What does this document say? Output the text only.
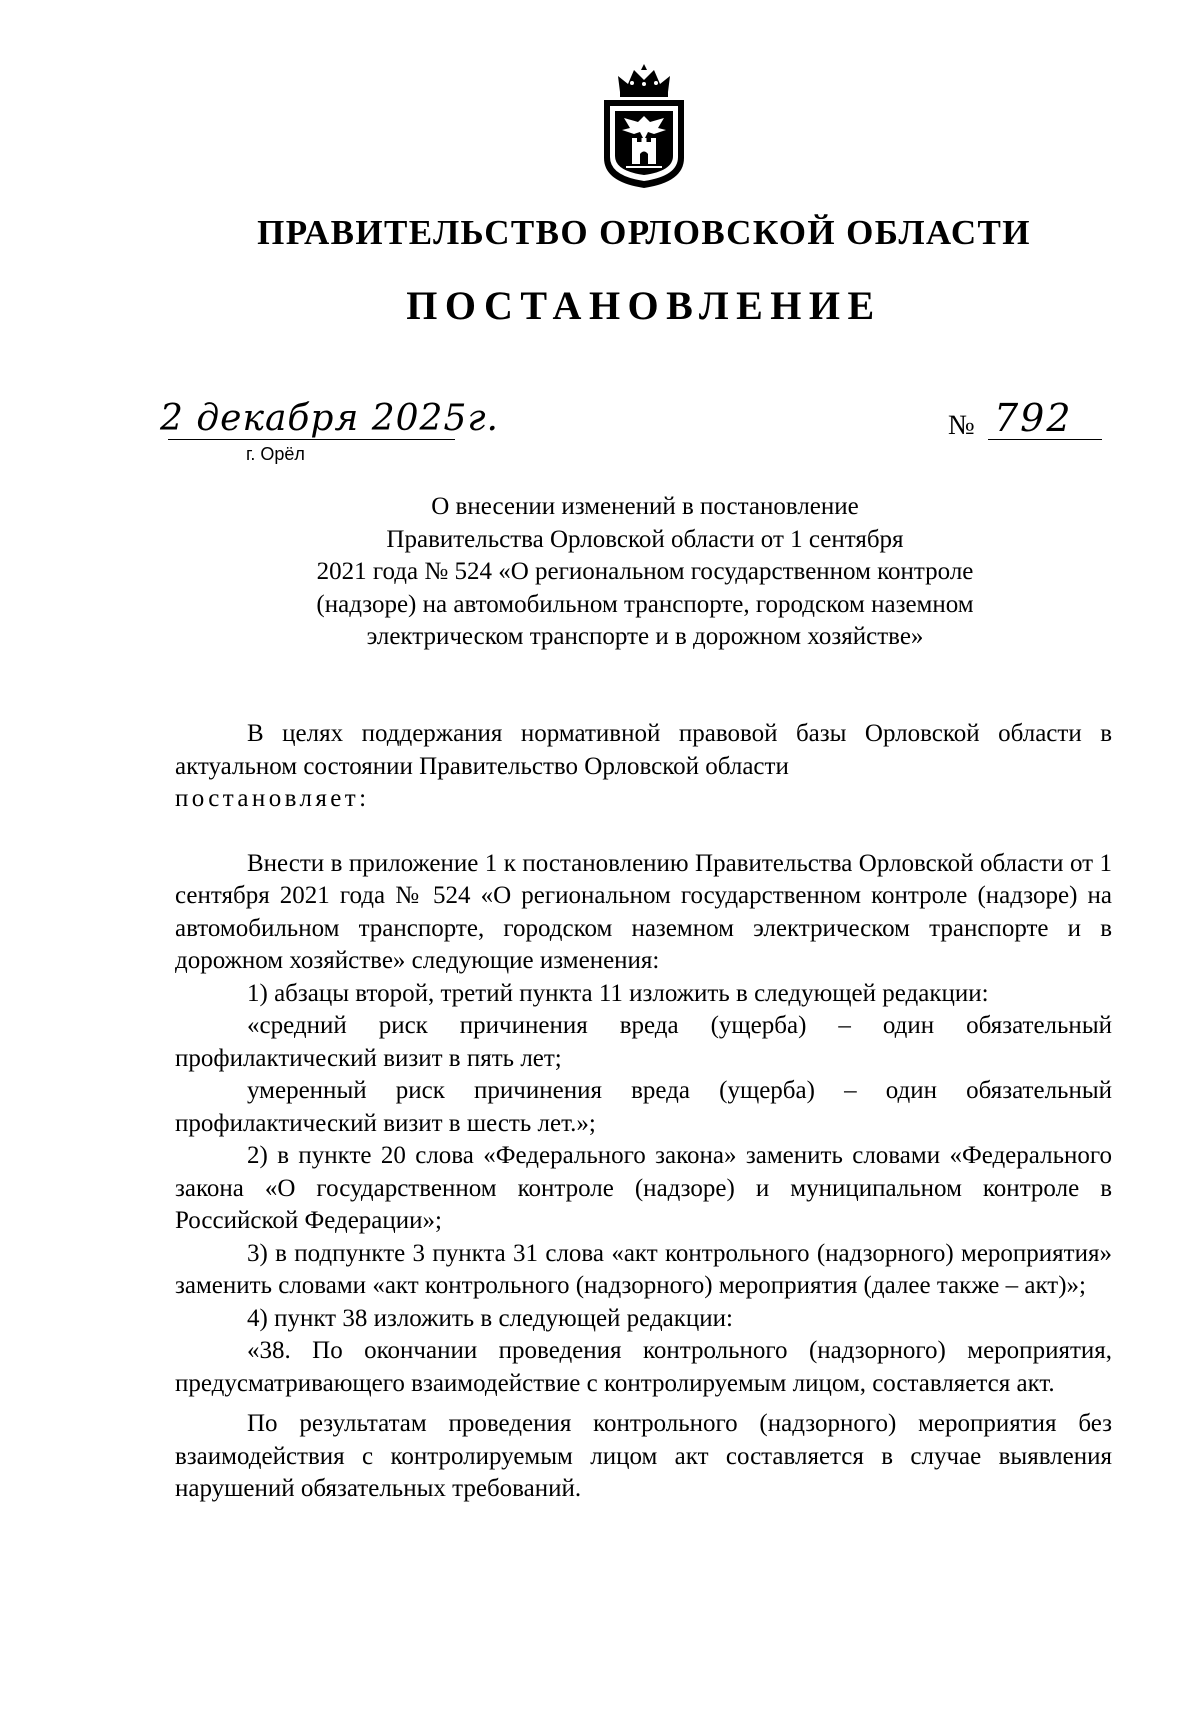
ПРАВИТЕЛЬСТВО ОРЛОВСКОЙ ОБЛАСТИ
ПОСТАНОВЛЕНИЕ
2 декабря 2025г.
г. Орёл
№ 792
О внесении изменений в постановление
Правительства Орловской области от 1 сентября
2021 года № 524 «О региональном государственном контроле
(надзоре) на автомобильном транспорте, городском наземном
электрическом транспорте и в дорожном хозяйстве»

В целях поддержания нормативной правовой базы Орловской области в актуальном состоянии Правительство Орловской области
постановляет:

Внести в приложение 1 к постановлению Правительства Орловской области от 1 сентября 2021 года № 524 «О региональном государственном контроле (надзоре) на автомобильном транспорте, городском наземном электрическом транспорте и в дорожном хозяйстве» следующие изменения:

1) абзацы второй, третий пункта 11 изложить в следующей редакции:

«средний риск причинения вреда (ущерба) – один обязательный профилактический визит в пять лет;

умеренный риск причинения вреда (ущерба) – один обязательный профилактический визит в шесть лет.»;

2) в пункте 20 слова «Федерального закона» заменить словами «Федерального закона «О государственном контроле (надзоре) и муниципальном контроле в Российской Федерации»;

3) в подпункте 3 пункта 31 слова «акт контрольного (надзорного) мероприятия» заменить словами «акт контрольного (надзорного) мероприятия (далее также – акт)»;

4) пункт 38 изложить в следующей редакции:

«38. По окончании проведения контрольного (надзорного) мероприятия, предусматривающего взаимодействие с контролируемым лицом, составляется акт.

По результатам проведения контрольного (надзорного) мероприятия без взаимодействия с контролируемым лицом акт составляется в случае выявления нарушений обязательных требований.
